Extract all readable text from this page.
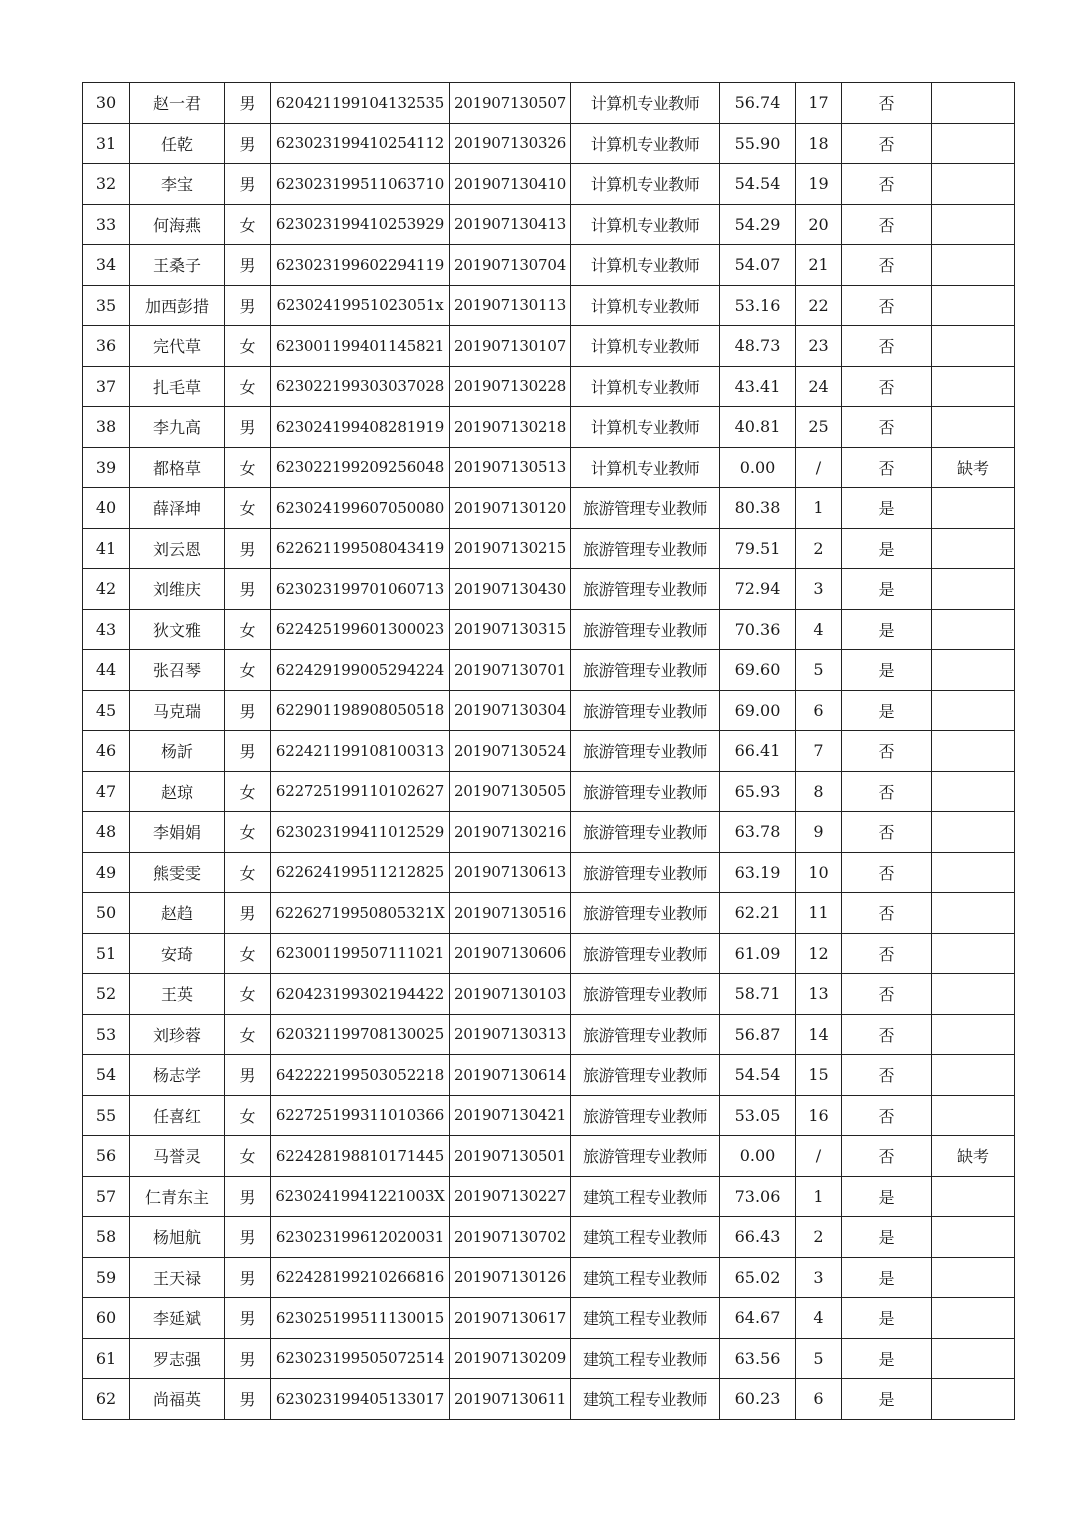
30	赵一君	男	620421199104132535	201907130507	计算机专业教师	56.74	17	否	
31	任乾	男	623023199410254112	201907130326	计算机专业教师	55.90	18	否	
32	李宝	男	623023199511063710	201907130410	计算机专业教师	54.54	19	否	
33	何海燕	女	623023199410253929	201907130413	计算机专业教师	54.29	20	否	
34	王桑子	男	623023199602294119	201907130704	计算机专业教师	54.07	21	否	
35	加西彭措	男	62302419951023051x	201907130113	计算机专业教师	53.16	22	否	
36	完代草	女	623001199401145821	201907130107	计算机专业教师	48.73	23	否	
37	扎毛草	女	623022199303037028	201907130228	计算机专业教师	43.41	24	否	
38	李九高	男	623024199408281919	201907130218	计算机专业教师	40.81	25	否	
39	都格草	女	623022199209256048	201907130513	计算机专业教师	0.00	/	否	缺考
40	薛泽坤	女	623024199607050080	201907130120	旅游管理专业教师	80.38	1	是	
41	刘云恩	男	622621199508043419	201907130215	旅游管理专业教师	79.51	2	是	
42	刘维庆	男	623023199701060713	201907130430	旅游管理专业教师	72.94	3	是	
43	狄文雅	女	622425199601300023	201907130315	旅游管理专业教师	70.36	4	是	
44	张召琴	女	622429199005294224	201907130701	旅游管理专业教师	69.60	5	是	
45	马克瑞	男	622901198908050518	201907130304	旅游管理专业教师	69.00	6	是	
46	杨訢	男	622421199108100313	201907130524	旅游管理专业教师	66.41	7	否	
47	赵琼	女	622725199110102627	201907130505	旅游管理专业教师	65.93	8	否	
48	李娟娟	女	623023199411012529	201907130216	旅游管理专业教师	63.78	9	否	
49	熊雯雯	女	622624199511212825	201907130613	旅游管理专业教师	63.19	10	否	
50	赵趋	男	62262719950805321X	201907130516	旅游管理专业教师	62.21	11	否	
51	安琦	女	623001199507111021	201907130606	旅游管理专业教师	61.09	12	否	
52	王英	女	620423199302194422	201907130103	旅游管理专业教师	58.71	13	否	
53	刘珍蓉	女	620321199708130025	201907130313	旅游管理专业教师	56.87	14	否	
54	杨志学	男	642222199503052218	201907130614	旅游管理专业教师	54.54	15	否	
55	任喜红	女	622725199311010366	201907130421	旅游管理专业教师	53.05	16	否	
56	马誉灵	女	622428198810171445	201907130501	旅游管理专业教师	0.00	/	否	缺考
57	仁青东主	男	62302419941221003X	201907130227	建筑工程专业教师	73.06	1	是	
58	杨旭航	男	623023199612020031	201907130702	建筑工程专业教师	66.43	2	是	
59	王天禄	男	622428199210266816	201907130126	建筑工程专业教师	65.02	3	是	
60	李延斌	男	623025199511130015	201907130617	建筑工程专业教师	64.67	4	是	
61	罗志强	男	623023199505072514	201907130209	建筑工程专业教师	63.56	5	是	
62	尚福英	男	623023199405133017	201907130611	建筑工程专业教师	60.23	6	是	
